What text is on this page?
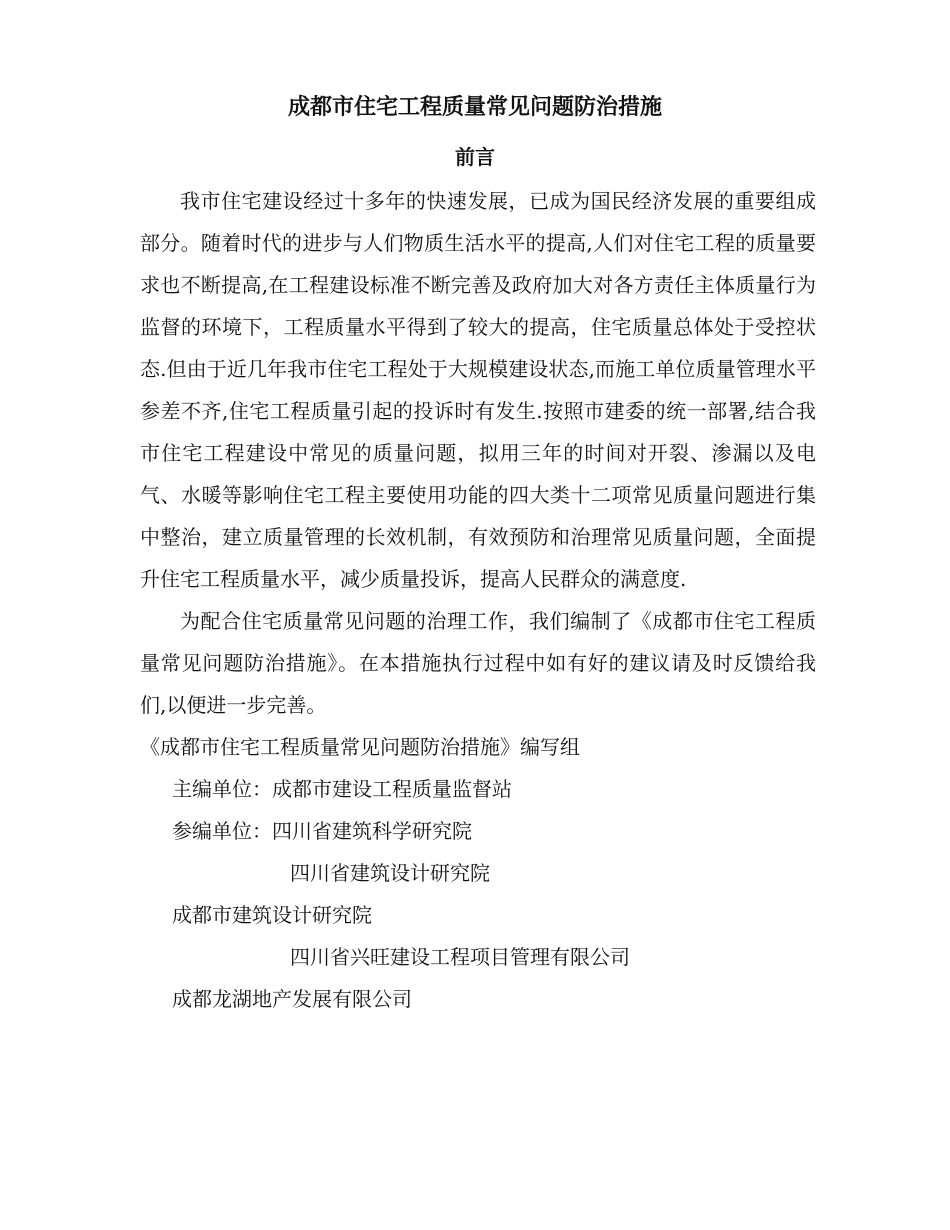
成都市住宅工程质量常见问题防治措施
前言

我市住宅建设经过十多年的快速发展，已成为国民经济发展的重要组成部分。随着时代的进步与人们物质生活水平的提高,人们对住宅工程的质量要求也不断提高,在工程建设标准不断完善及政府加大对各方责任主体质量行为监督的环境下，工程质量水平得到了较大的提高，住宅质量总体处于受控状态.但由于近几年我市住宅工程处于大规模建设状态,而施工单位质量管理水平参差不齐,住宅工程质量引起的投诉时有发生.按照市建委的统一部署,结合我市住宅工程建设中常见的质量问题，拟用三年的时间对开裂、渗漏以及电气、水暖等影响住宅工程主要使用功能的四大类十二项常见质量问题进行集中整治，建立质量管理的长效机制，有效预防和治理常见质量问题，全面提升住宅工程质量水平，减少质量投诉，提高人民群众的满意度.

为配合住宅质量常见问题的治理工作，我们编制了《成都市住宅工程质量常见问题防治措施》。在本措施执行过程中如有好的建议请及时反馈给我们,以便进一步完善。

《成都市住宅工程质量常见问题防治措施》编写组

主编单位：成都市建设工程质量监督站

参编单位：四川省建筑科学研究院

四川省建筑设计研究院

成都市建筑设计研究院

四川省兴旺建设工程项目管理有限公司

成都龙湖地产发展有限公司
